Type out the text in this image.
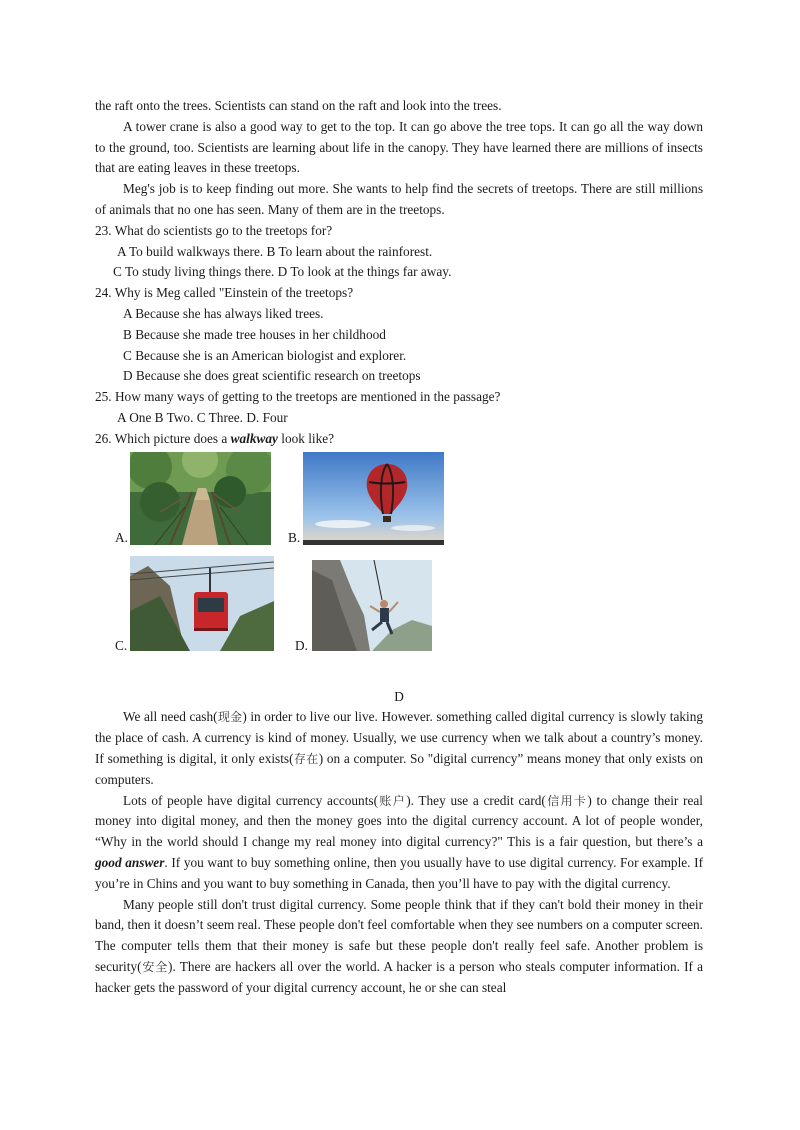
the raft onto the trees. Scientists can stand on the raft and look into the trees.

A tower crane is also a good way to get to the top. It can go above the tree tops. It can go all the way down to the ground, too. Scientists are learning about life in the canopy. They have learned there are millions of insects that are eating leaves in these treetops.

Meg's job is to keep finding out more. She wants to help find the secrets of treetops. There are still millions of animals that no one has seen. Many of them are in the treetops.

23. What do scientists go to the treetops for?
A To build walkways there. B To learn about the rainforest.
C To study living things there. D To look at the things far away.
24. Why is Meg called "Einstein of the treetops?
A Because she has always liked trees.
B Because she made tree houses in her childhood
C Because she is an American biologist and explorer.
D Because she does great scientific research on treetops
25. How many ways of getting to the treetops are mentioned in the passage?
A One B Two. C Three. D. Four
26. Which picture does a walkway look like?
A.	B.
C.	D.
D

We all need cash(现金) in order to live our live. However. something called digital currency is slowly taking the place of cash. A currency is kind of money. Usually, we use currency when we talk about a country’s money. If something is digital, it only exists(存在) on a computer. So "digital currency” means money that only exists on computers.

Lots of people have digital currency accounts(账户). They use a credit card(信用卡) to change their real money into digital money, and then the money goes into the digital currency account. A lot of people wonder, “Why in the world should I change my real money into digital currency?" This is a fair question, but there’s a good answer. If you want to buy something online, then you usually have to use digital currency. For example. If you’re in Chins and you want to buy something in Canada, then you’ll have to pay with the digital currency.

Many people still don't trust digital currency. Some people think that if they can't bold their money in their band, then it doesn’t seem real. These people don't feel comfortable when they see numbers on a computer screen. The computer tells them that their money is safe but these people don't really feel safe. Another problem is security(安全). There are hackers all over the world. A hacker is a person who steals computer information. If a hacker gets the password of your digital currency account, he or she can steal
